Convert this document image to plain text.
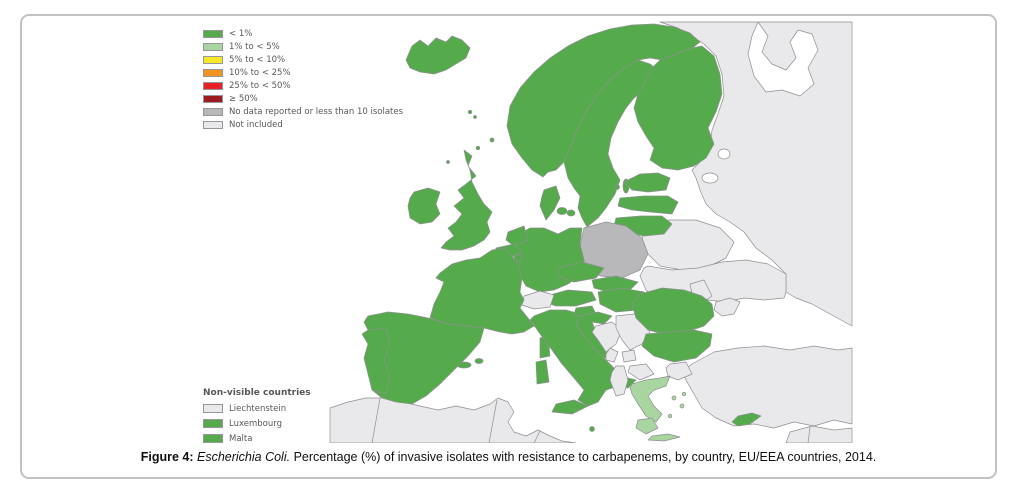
< 1%
1% to < 5%
5% to < 10%
10% to < 25%
25% to < 50%
≥ 50%
No data reported or less than 10 isolates
Not included
Non-visible countries
Liechtenstein
Luxembourg
Malta
Figure 4: Escherichia Coli. Percentage (%) of invasive isolates with resistance to carbapenems, by country, EU/EEA countries, 2014.
